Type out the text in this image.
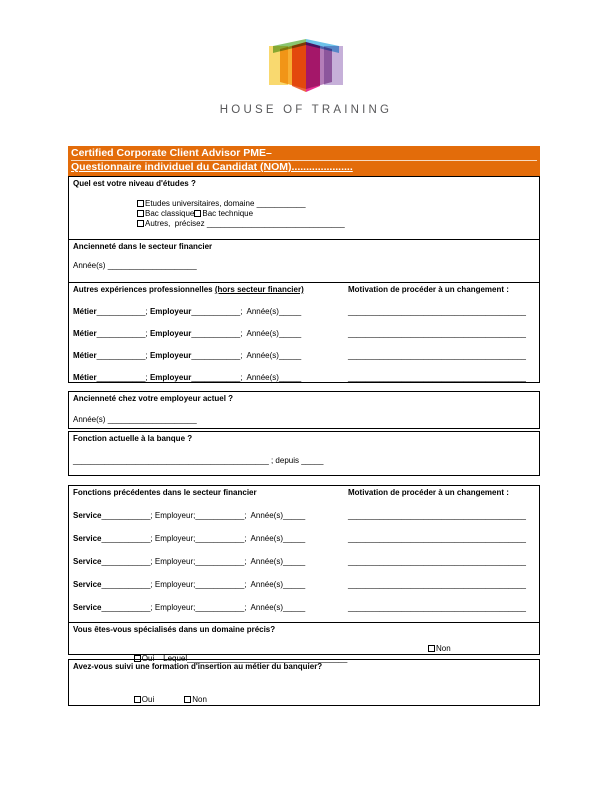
HOUSE OF TRAINING
Certified Corporate Client Advisor PME–
Questionnaire individuel du Candidat (NOM).....................
Quel est votre niveau d'études ?
Etudes universitaires, domaine ___________
Bac classique Bac technique
Autres,  précisez _______________________________
Ancienneté dans le secteur financier
Année(s) ____________________
Autres expériences professionnelles (hors secteur financier)	Motivation de procéder à un changement :
Métier___________; Employeur___________;  Année(s)_____	________________________________________
Métier___________; Employeur___________;  Année(s)_____	________________________________________
Métier___________; Employeur___________;  Année(s)_____	________________________________________
Métier___________; Employeur___________;  Année(s)_____	________________________________________
Ancienneté chez votre employeur actuel ?
Année(s) ____________________
Fonction actuelle à la banque ?
____________________________________________ ; depuis _____
Fonctions précédentes dans le secteur financier	Motivation de procéder à un changement :
Service___________; Employeur;___________;  Année(s)_____	________________________________________
Service___________; Employeur;___________;  Année(s)_____	________________________________________
Service___________; Employeur;___________;  Année(s)_____	________________________________________
Service___________; Employeur;___________;  Année(s)_____	________________________________________
Service___________; Employeur;___________;  Année(s)_____	________________________________________
Vous êtes-vous spécialisés dans un domaine précis?

Oui    Lequel____________________________________

Non

Avez-vous suivi une formation d'insertion au métier du banquier?

Oui	Non
